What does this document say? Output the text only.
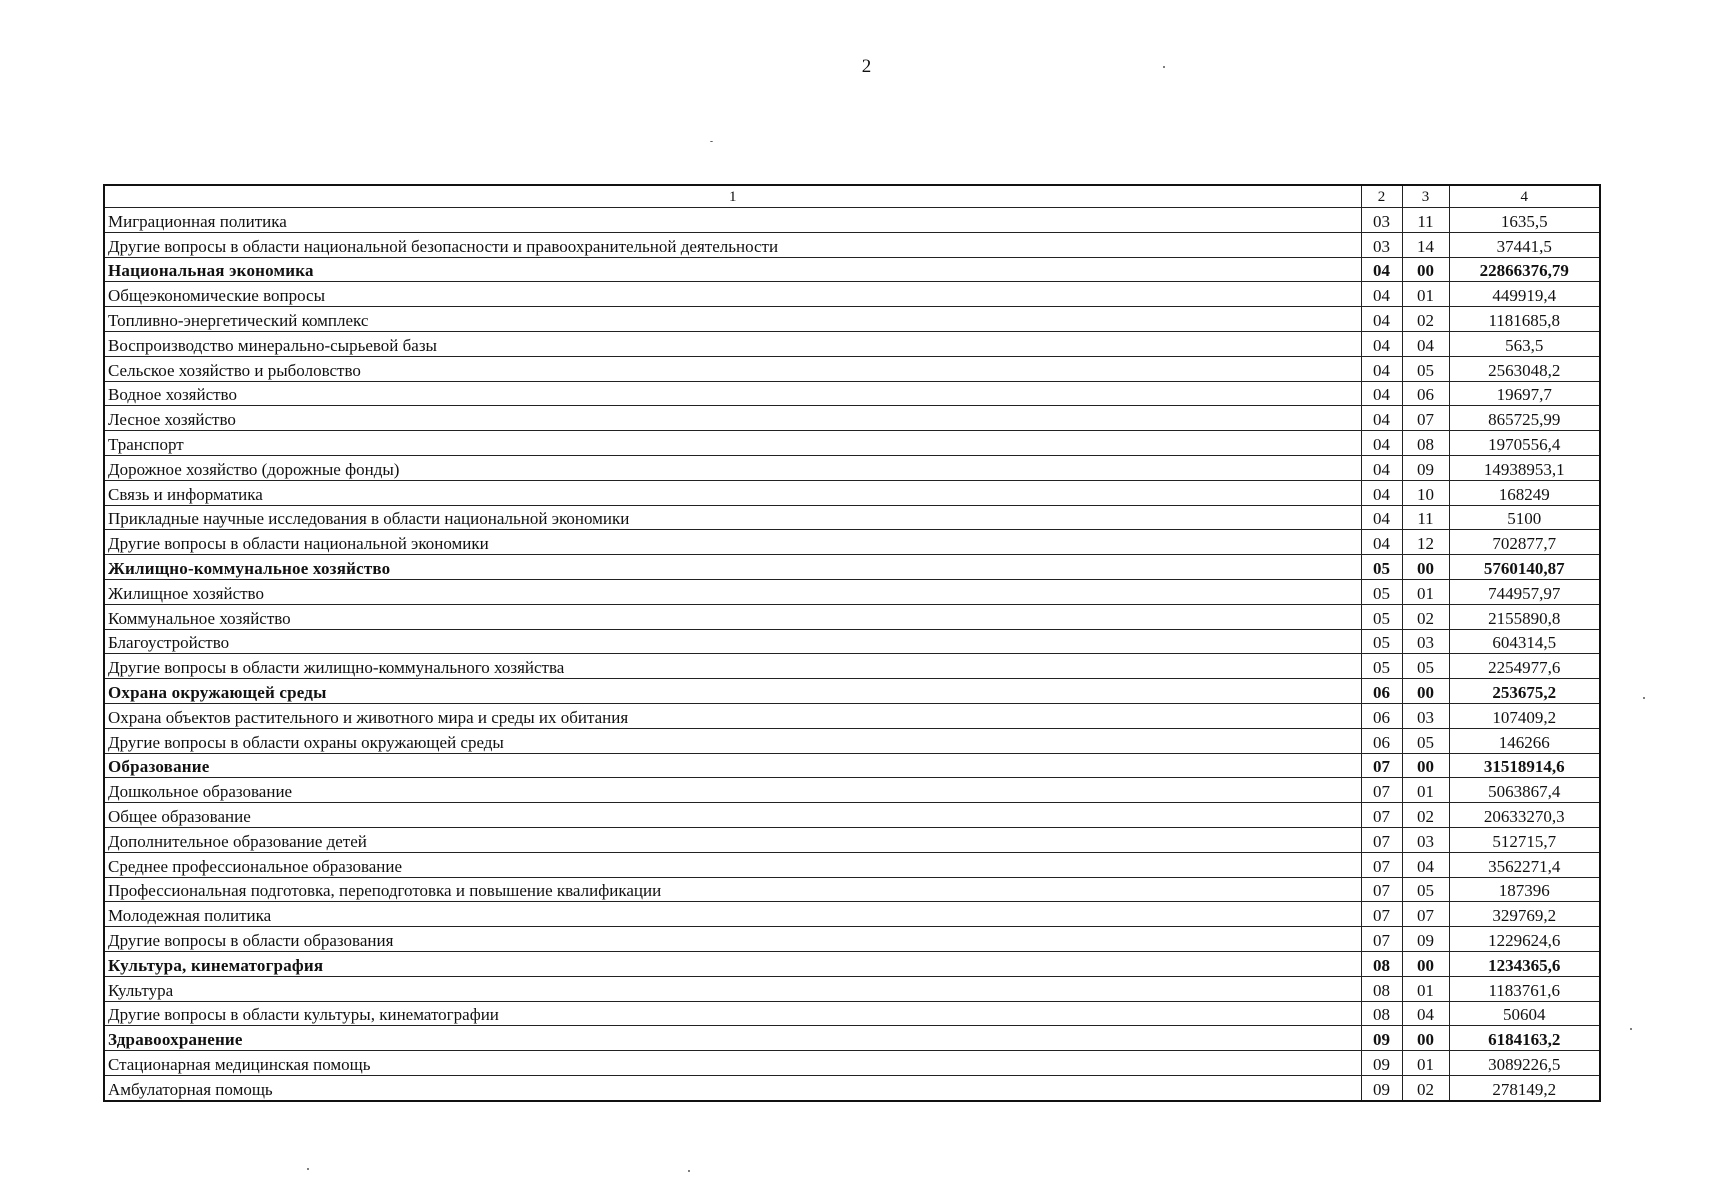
2
1	2	3	4
Миграционная политика	03	11	1635,5
Другие вопросы в области национальной безопасности и правоохранительной деятельности	03	14	37441,5
Национальная экономика	04	00	22866376,79
Общеэкономические вопросы	04	01	449919,4
Топливно-энергетический комплекс	04	02	1181685,8
Воспроизводство минерально-сырьевой базы	04	04	563,5
Сельское хозяйство и рыболовство	04	05	2563048,2
Водное хозяйство	04	06	19697,7
Лесное хозяйство	04	07	865725,99
Транспорт	04	08	1970556,4
Дорожное хозяйство (дорожные фонды)	04	09	14938953,1
Связь и информатика	04	10	168249
Прикладные научные исследования в области национальной экономики	04	11	5100
Другие вопросы в области национальной экономики	04	12	702877,7
Жилищно-коммунальное хозяйство	05	00	5760140,87
Жилищное хозяйство	05	01	744957,97
Коммунальное хозяйство	05	02	2155890,8
Благоустройство	05	03	604314,5
Другие вопросы в области жилищно-коммунального хозяйства	05	05	2254977,6
Охрана окружающей среды	06	00	253675,2
Охрана объектов растительного и животного мира и среды их обитания	06	03	107409,2
Другие вопросы в области охраны окружающей среды	06	05	146266
Образование	07	00	31518914,6
Дошкольное образование	07	01	5063867,4
Общее образование	07	02	20633270,3
Дополнительное образование детей	07	03	512715,7
Среднее профессиональное образование	07	04	3562271,4
Профессиональная подготовка, переподготовка и повышение квалификации	07	05	187396
Молодежная политика	07	07	329769,2
Другие вопросы в области образования	07	09	1229624,6
Культура, кинематография	08	00	1234365,6
Культура	08	01	1183761,6
Другие вопросы в области культуры, кинематографии	08	04	50604
Здравоохранение	09	00	6184163,2
Стационарная медицинская помощь	09	01	3089226,5
Амбулаторная помощь	09	02	278149,2
